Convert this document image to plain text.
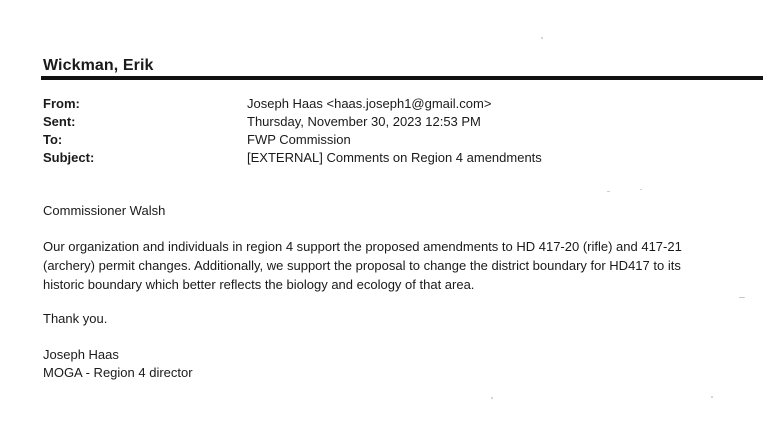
Wickman, Erik
From:	Joseph Haas <haas.joseph1@gmail.com>
Sent:	Thursday, November 30, 2023 12:53 PM
To:	FWP Commission
Subject:	[EXTERNAL] Comments on Region 4 amendments
Commissioner Walsh

Our organization and individuals in region 4 support the proposed amendments to HD 417-20 (rifle) and 417-21

(archery) permit changes. Additionally, we support the proposal to change the district boundary for HD417 to its

historic boundary which better reflects the biology and ecology of that area.

Thank you.
Joseph Haas
MOGA - Region 4 director
